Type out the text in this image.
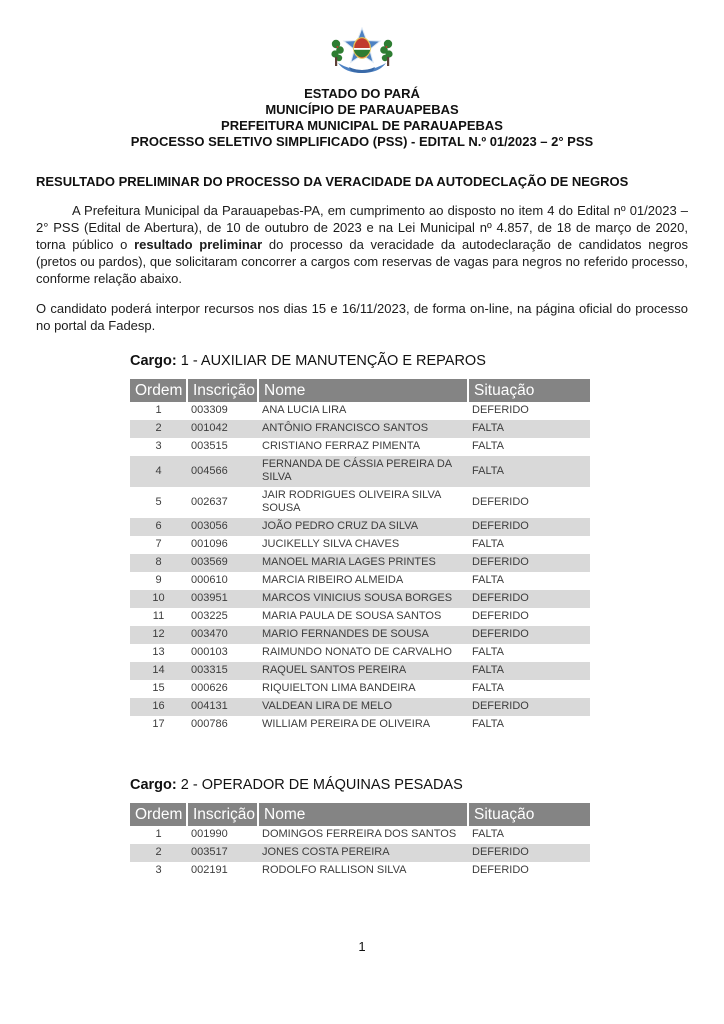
ESTADO DO PARÁ
MUNICÍPIO DE PARAUAPEBAS
PREFEITURA MUNICIPAL DE PARAUAPEBAS
PROCESSO SELETIVO SIMPLIFICADO (PSS) - EDITAL N.º 01/2023 – 2° PSS
RESULTADO PRELIMINAR DO PROCESSO DA VERACIDADE DA AUTODECLAÇÃO DE NEGROS

A Prefeitura Municipal da Parauapebas-PA, em cumprimento ao disposto no item 4 do Edital nº 01/2023 – 2° PSS (Edital de Abertura), de 10 de outubro de 2023 e na Lei Municipal nº 4.857, de 18 de março de 2020, torna público o resultado preliminar do processo da veracidade da autodeclaração de candidatos negros (pretos ou pardos), que solicitaram concorrer a cargos com reservas de vagas para negros no referido processo, conforme relação abaixo.

O candidato poderá interpor recursos nos dias 15 e 16/11/2023, de forma on-line, na página oficial do processo no portal da Fadesp.

Cargo: 1 - AUXILIAR DE MANUTENÇÃO E REPAROS
Ordem	Inscrição	Nome	Situação
1	003309	ANA LUCIA LIRA	DEFERIDO
2	001042	ANTÔNIO FRANCISCO SANTOS	FALTA
3	003515	CRISTIANO FERRAZ PIMENTA	FALTA
4	004566	FERNANDA DE CÁSSIA PEREIRA DA SILVA	FALTA
5	002637	JAIR RODRIGUES OLIVEIRA SILVA SOUSA	DEFERIDO
6	003056	JOÃO PEDRO CRUZ DA SILVA	DEFERIDO
7	001096	JUCIKELLY SILVA CHAVES	FALTA
8	003569	MANOEL MARIA LAGES PRINTES	DEFERIDO
9	000610	MARCIA RIBEIRO ALMEIDA	FALTA
10	003951	MARCOS VINICIUS SOUSA BORGES	DEFERIDO
11	003225	MARIA PAULA DE SOUSA SANTOS	DEFERIDO
12	003470	MARIO FERNANDES DE SOUSA	DEFERIDO
13	000103	RAIMUNDO NONATO DE CARVALHO	FALTA
14	003315	RAQUEL SANTOS PEREIRA	FALTA
15	000626	RIQUIELTON LIMA BANDEIRA	FALTA
16	004131	VALDEAN LIRA DE MELO	DEFERIDO
17	000786	WILLIAM PEREIRA DE OLIVEIRA	FALTA
Cargo: 2 - OPERADOR DE MÁQUINAS PESADAS
Ordem	Inscrição	Nome	Situação
1	001990	DOMINGOS FERREIRA DOS SANTOS	FALTA
2	003517	JONES COSTA PEREIRA	DEFERIDO
3	002191	RODOLFO RALLISON SILVA	DEFERIDO
1
